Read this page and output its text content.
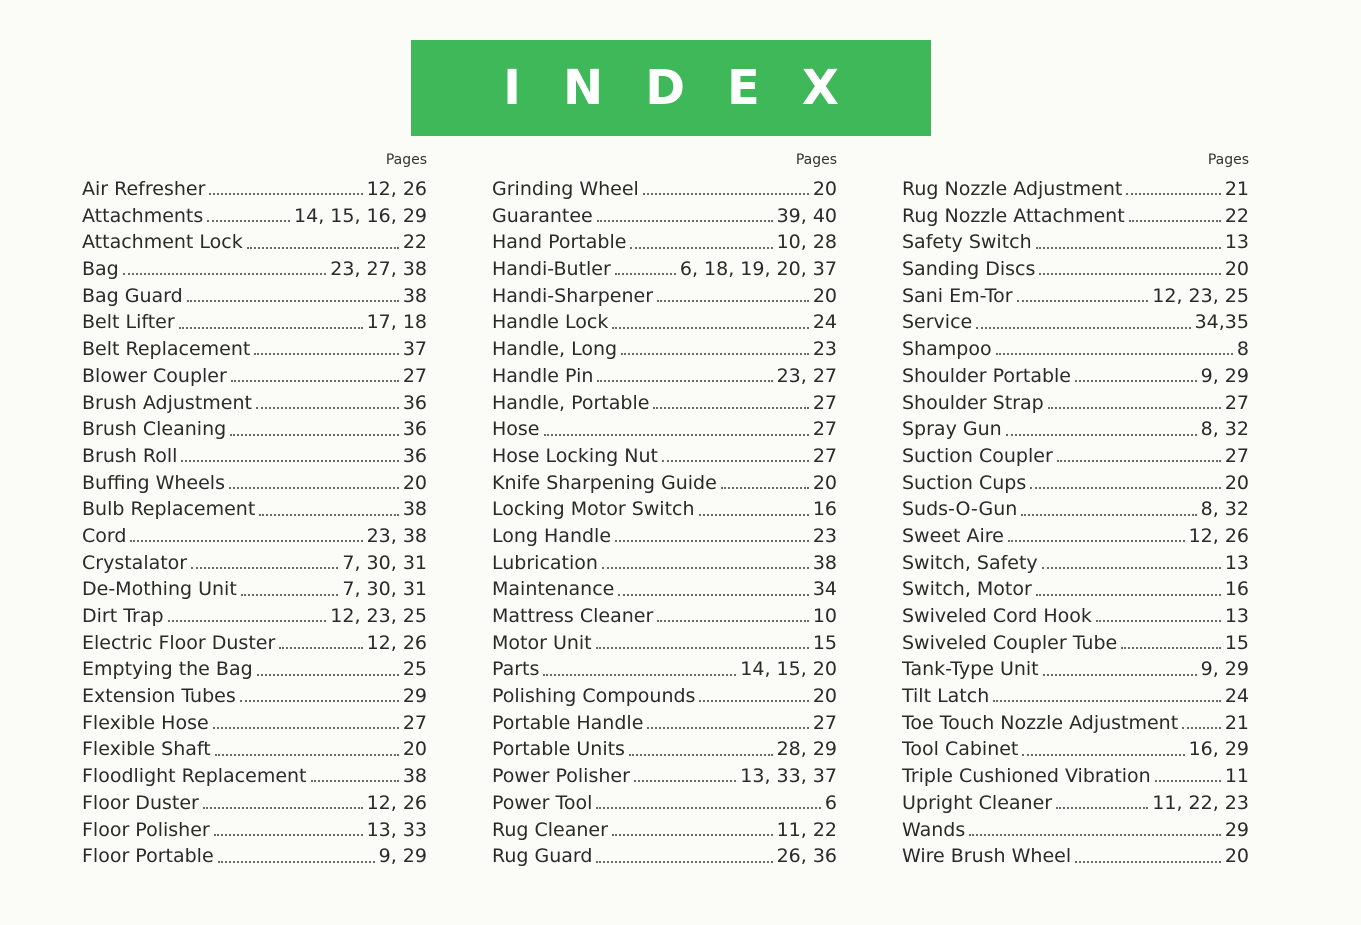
INDEX
Pages
Air Refresher	12, 26
Attachments	14, 15, 16, 29
Attachment Lock	22
Bag	23, 27, 38
Bag Guard	38
Belt Lifter	17, 18
Belt Replacement	37
Blower Coupler	27
Brush Adjustment	36
Brush Cleaning	36
Brush Roll	36
Buffing Wheels	20
Bulb Replacement	38
Cord	23, 38
Crystalator	7, 30, 31
De-Mothing Unit	7, 30, 31
Dirt Trap	12, 23, 25
Electric Floor Duster	12, 26
Emptying the Bag	25
Extension Tubes	29
Flexible Hose	27
Flexible Shaft	20
Floodlight Replacement	38
Floor Duster	12, 26
Floor Polisher	13, 33
Floor Portable	9, 29
Pages
Grinding Wheel	20
Guarantee	39, 40
Hand Portable	10, 28
Handi-Butler	6, 18, 19, 20, 37
Handi-Sharpener	20
Handle Lock	24
Handle, Long	23
Handle Pin	23, 27
Handle, Portable	27
Hose	27
Hose Locking Nut	27
Knife Sharpening Guide	20
Locking Motor Switch	16
Long Handle	23
Lubrication	38
Maintenance	34
Mattress Cleaner	10
Motor Unit	15
Parts	14, 15, 20
Polishing Compounds	20
Portable Handle	27
Portable Units	28, 29
Power Polisher	13, 33, 37
Power Tool	6
Rug Cleaner	11, 22
Rug Guard	26, 36
Pages
Rug Nozzle Adjustment	21
Rug Nozzle Attachment	22
Safety Switch	13
Sanding Discs	20
Sani Em-Tor	12, 23, 25
Service	34,35
Shampoo	8
Shoulder Portable	9, 29
Shoulder Strap	27
Spray Gun	8, 32
Suction Coupler	27
Suction Cups	20
Suds-O-Gun	8, 32
Sweet Aire	12, 26
Switch, Safety	13
Switch, Motor	16
Swiveled Cord Hook	13
Swiveled Coupler Tube	15
Tank-Type Unit	9, 29
Tilt Latch	24
Toe Touch Nozzle Adjustment 21
Tool Cabinet	16, 29
Triple Cushioned Vibration	11
Upright Cleaner	11, 22, 23
Wands	29
Wire Brush Wheel	20
